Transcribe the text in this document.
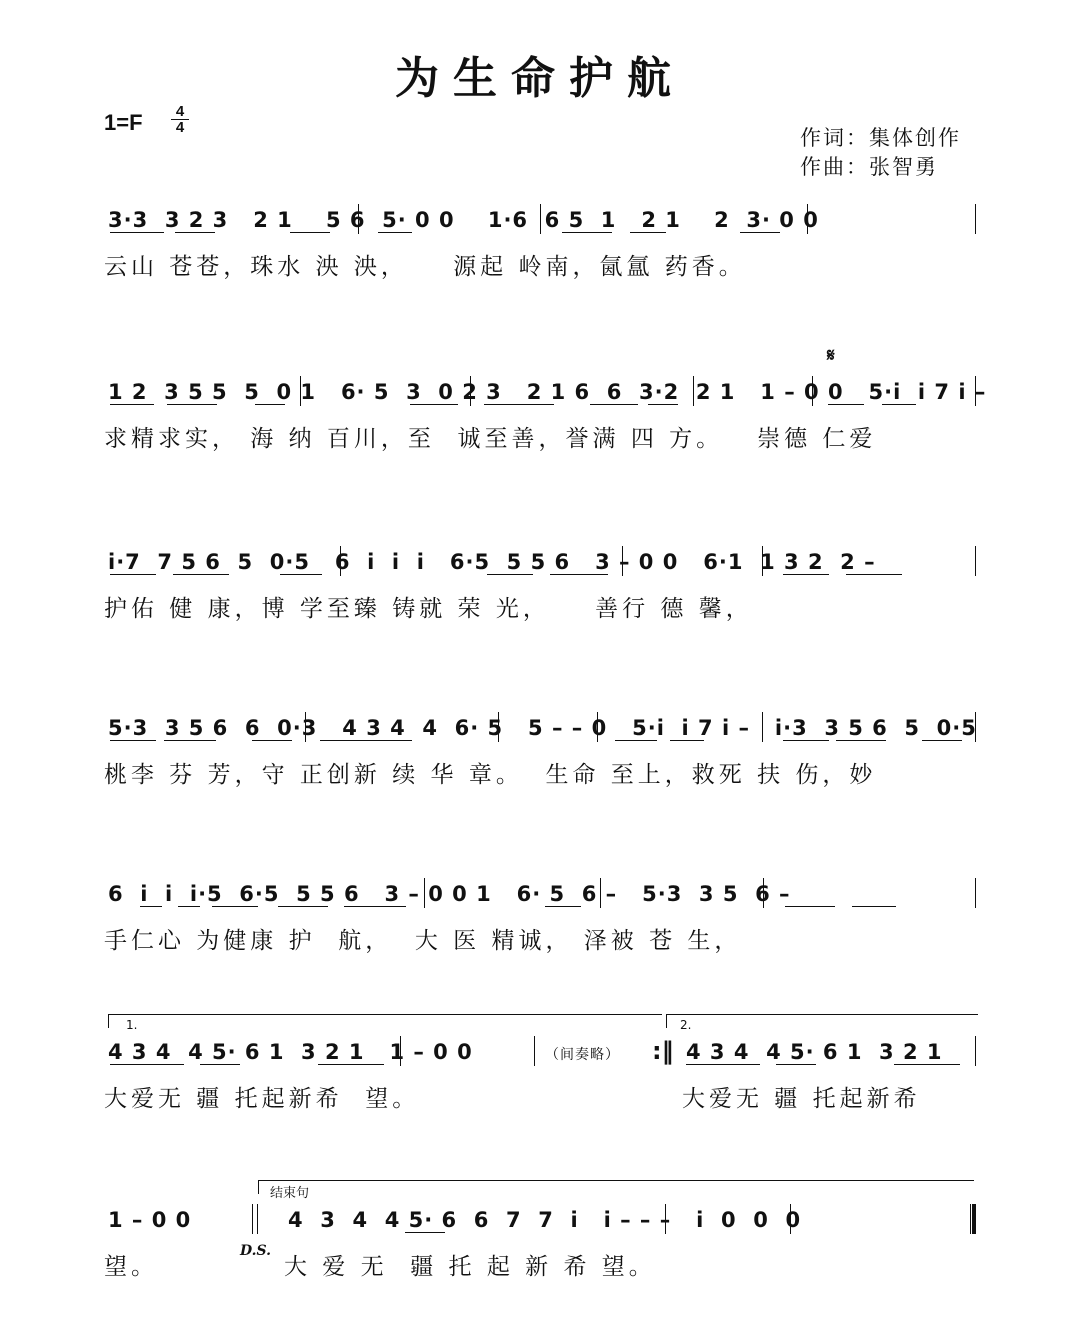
为生命护航
$1=F \frac{4}{4}$
作词：集体创作
作曲：张智勇
3·3  3 2 3   2 1    5 6  5· 0 0    1·6  6 5  1   2 1    2  3· 0 0
云山 苍苍，珠水 泱 泱，    源起 岭南，氤氲 药香。
1 2  3 5 5  5  0 1   6· 5  3  0 2 3   2 1 6  6  3·2  2 1   1 – 0 0   5·i  i 7 i –
求精求实， 海 纳 百川，至  诚至善，誉满 四 方。   崇德 仁爱
𝄋
i·7  7 5 6  5  0·5   6  i  i  i   6·5  5 5 6   3 – 0 0   6·1  1 3 2  2 –
护佑 健 康，博 学至臻 铸就 荣 光，    善行 德 馨，
5·3  3 5 6  6  0·3   4 3 4  4  6· 5   5 – – 0   5·i  i 7 i –   i·3  3 5 6  5  0·5
桃李 芬 芳，守 正创新 续 华 章。  生命 至上，救死 扶 伤，妙
6  i  i  i·5  6·5  5 5 6   3 – 0 0 1   6· 5  6 –   5·3  3 5  6 –
手仁心 为健康 护  航，  大 医 精诚， 泽被 苍 生，
1.	2.
4 3 4  4 5· 6 1  3 2 1   1 – 0 0
大爱无 疆 托起新希  望。
4 3 4  4 5· 6 1  3 2 1
大爱无 疆 托起新希
（间奏略） :‖
结束句
1 – 0 0
望。
4  3  4  4 5· 6  6  7  7  i   i – – –   i  0  0  0
大 爱 无  疆 托 起 新 希 望。
D.S.
